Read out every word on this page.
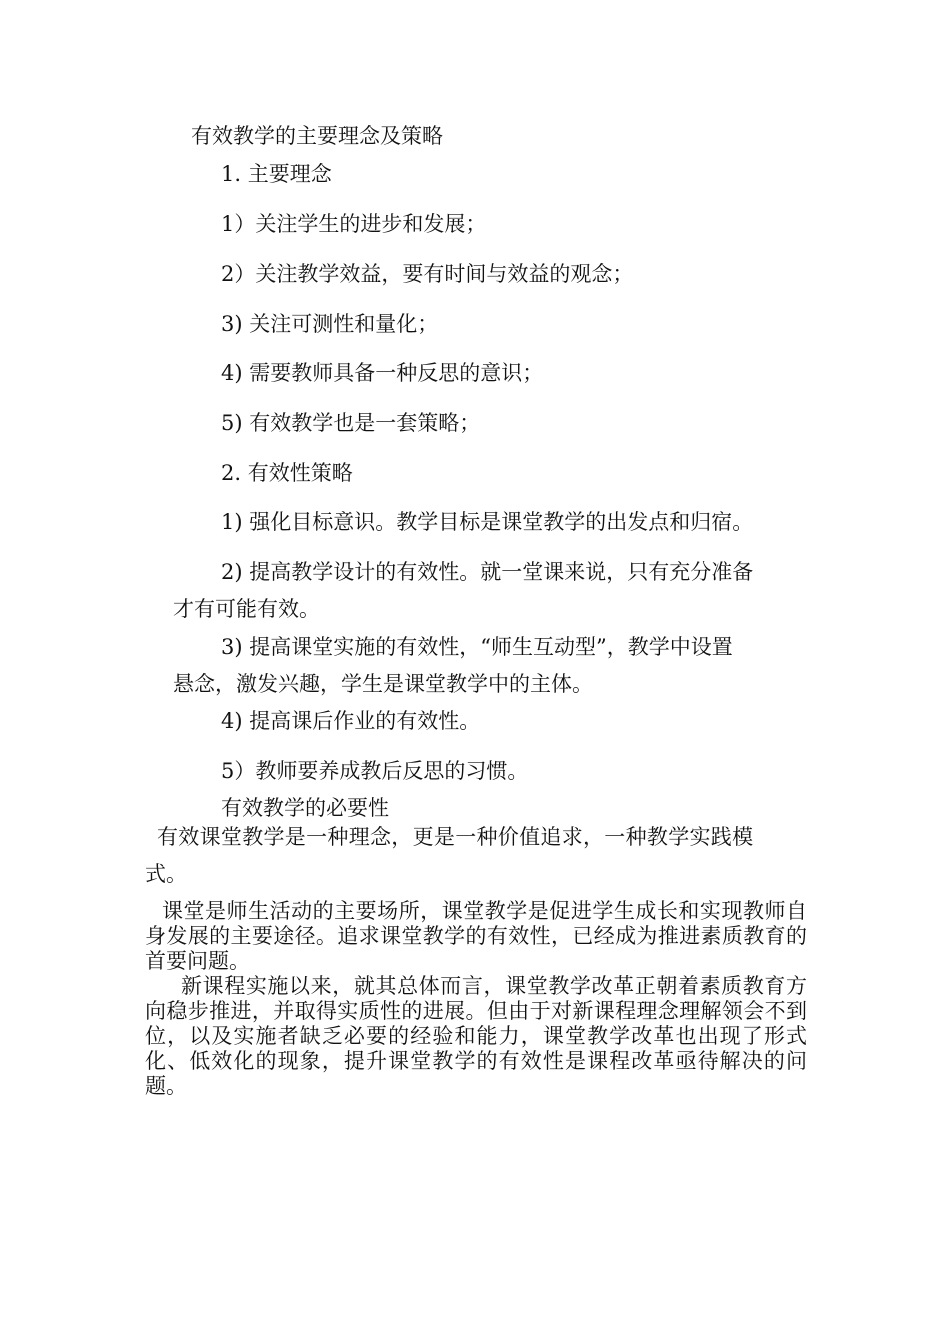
有效教学的主要理念及策略
1. 主要理念
1）关注学生的进步和发展；
2）关注教学效益，要有时间与效益的观念；
3) 关注可测性和量化；
4) 需要教师具备一种反思的意识；
5) 有效教学也是一套策略；
2. 有效性策略
1) 强化目标意识。教学目标是课堂教学的出发点和归宿。
2) 提高教学设计的有效性。就一堂课来说，只有充分准备
才有可能有效。
3) 提高课堂实施的有效性，“师生互动型”，教学中设置
悬念，激发兴趣，学生是课堂教学中的主体。
4) 提高课后作业的有效性。
5）教师要养成教后反思的习惯。
有效教学的必要性
有效课堂教学是一种理念，更是一种价值追求，一种教学实践模
式。
课堂是师生活动的主要场所，课堂教学是促进学生成长和实现教师自身发展的主要途径。追求课堂教学的有效性，已经成为推进素质教育的首要问题。
新课程实施以来，就其总体而言，课堂教学改革正朝着素质教育方向稳步推进，并取得实质性的进展。但由于对新课程理念理解领会不到位，以及实施者缺乏必要的经验和能力，课堂教学改革也出现了形式化、低效化的现象，提升课堂教学的有效性是课程改革亟待解决的问题。
